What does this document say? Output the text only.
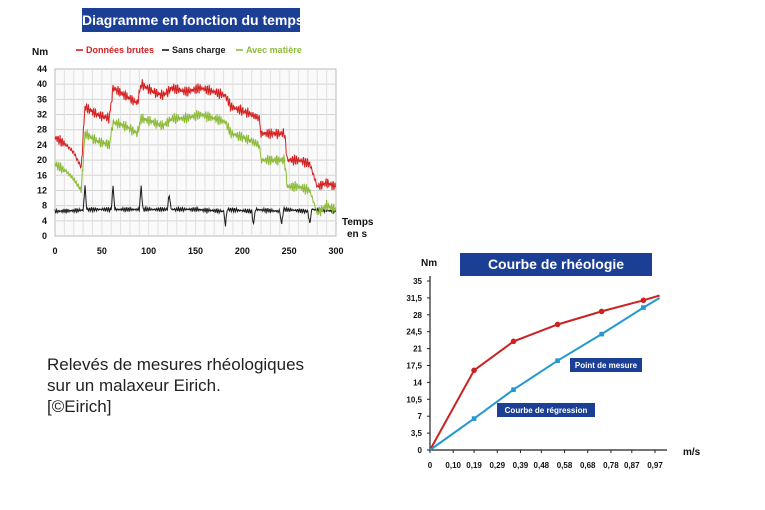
Diagramme en fonction du temps
Courbe de rhéologie
Relevés de mesures rhéologiques
sur un malaxeur Eirich.
[©Eirich]
0
4
8
12
16
20
24
28
32
36
40
44
0	50	100	150	200	250	300
Nm
Temps
en s
Données brutes Sans charge Avec matière
0
3,5
7
10,5
14
17,5
21
24,5
28
31,5
35
0 0,10 0,19 0,29 0,39 0,48 0,58 0,68 0,78 0,87 0,97
Nm
m/s
Point de mesure
Courbe de régression
